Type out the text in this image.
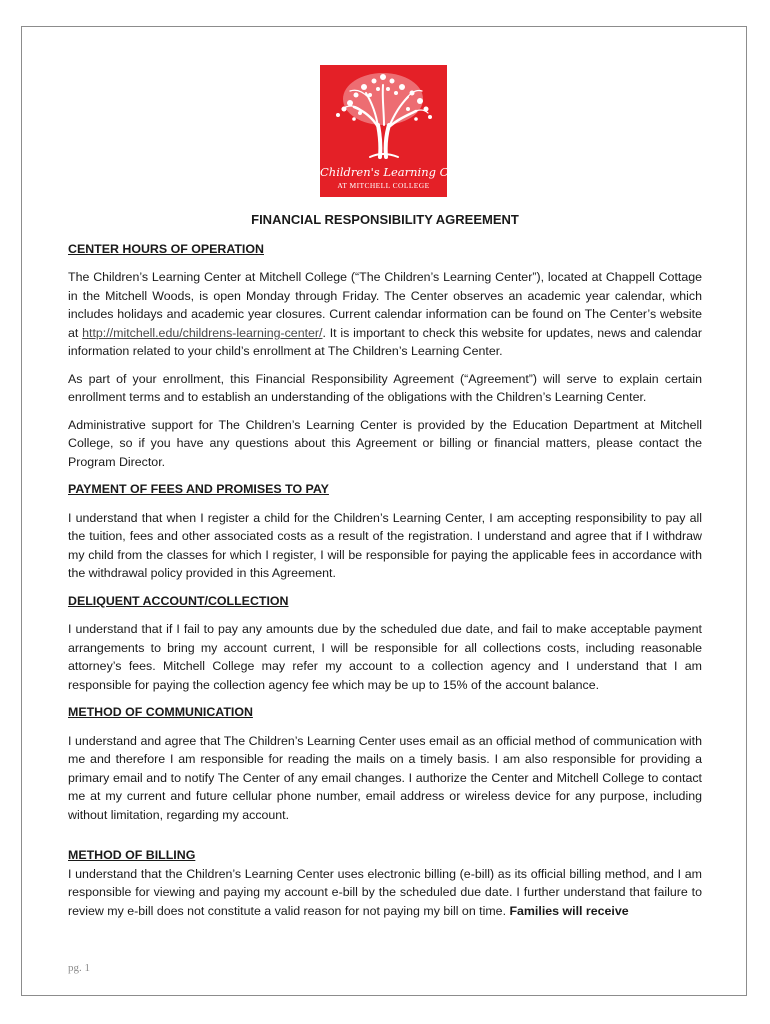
Children's Learning Center
AT MITCHELL COLLEGE
FINANCIAL RESPONSIBILITY AGREEMENT
CENTER HOURS OF OPERATION
The Children’s Learning Center at Mitchell College (“The Children’s Learning Center”), located at Chappell Cottage in the Mitchell Woods, is open Monday through Friday. The Center observes an academic year calendar, which includes holidays and academic year closures. Current calendar information can be found on The Center’s website at http://mitchell.edu/childrens-learning-center/. It is important to check this website for updates, news and calendar information related to your child’s enrollment at The Children’s Learning Center.
As part of your enrollment, this Financial Responsibility Agreement (“Agreement”) will serve to explain certain enrollment terms and to establish an understanding of the obligations with the Children’s Learning Center.
Administrative support for The Children’s Learning Center is provided by the Education Department at Mitchell College, so if you have any questions about this Agreement or billing or financial matters, please contact the Program Director.
PAYMENT OF FEES AND PROMISES TO PAY
I understand that when I register a child for the Children’s Learning Center, I am accepting responsibility to pay all the tuition, fees and other associated costs as a result of the registration. I understand and agree that if I withdraw my child from the classes for which I register, I will be responsible for paying the applicable fees in accordance with the withdrawal policy provided in this Agreement.
DELIQUENT ACCOUNT/COLLECTION
I understand that if I fail to pay any amounts due by the scheduled due date, and fail to make acceptable payment arrangements to bring my account current, I will be responsible for all collections costs, including reasonable attorney’s fees. Mitchell College may refer my account to a collection agency and I understand that I am responsible for paying the collection agency fee which may be up to 15% of the account balance.
METHOD OF COMMUNICATION
I understand and agree that The Children’s Learning Center uses email as an official method of communication with me and therefore I am responsible for reading the mails on a timely basis. I am also responsible for providing a primary email and to notify The Center of any email changes. I authorize the Center and Mitchell College to contact me at my current and future cellular phone number, email address or wireless device for any purpose, including without limitation, regarding my account.
METHOD OF BILLING
I understand that the Children’s Learning Center uses electronic billing (e-bill) as its official billing method, and I am responsible for viewing and paying my account e-bill by the scheduled due date. I further understand that failure to review my e-bill does not constitute a valid reason for not paying my bill on time. Families will receive
pg. 1
